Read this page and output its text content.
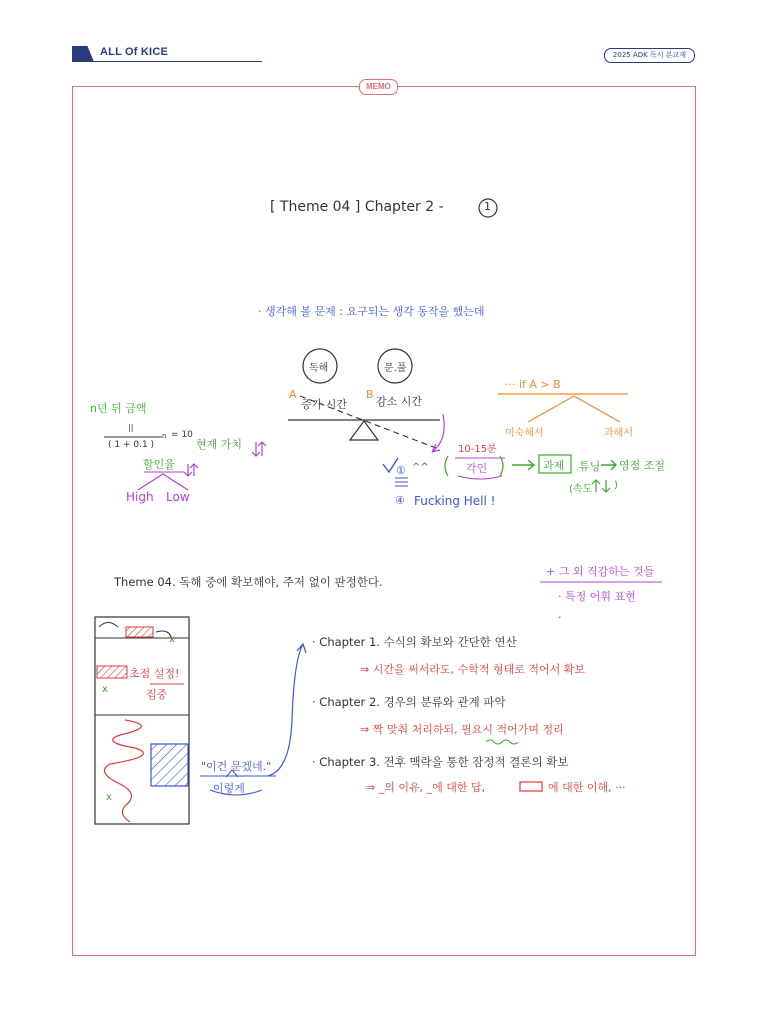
ALL Of KICE	2025 ADK 독서 본교재
MEMO
[ Theme 04 ] Chapter 2 -	1
· 생각해 볼 문제 : 요구되는 생각 동작을 했는데
n년 뒤 금액
||
( 1 + 0.1 )
n = 10
현재 가치
할인율
High Low
독해	문.풀
A
증가 시간
B
감소 시간
10-15분
각인
① ^^
④ Fucking Hell !
··· if A > B
미숙해서	과해서
과제 튜닝 영점 조절
(속도 )
Theme 04. 독해 중에 확보해야, 주저 없이 판정한다.
+ 그 외 직감하는 것들
· 특정 어휘 표현
.
초점 설정!
집중
x
x
x
"이건 문겠네."
이렇게
· Chapter 1. 수식의 확보와 간단한 연산
⇒ 시간을 써서라도, 수학적 형태로 적어서 확보
· Chapter 2. 경우의 분류와 관계 파악
⇒ 짝 맞춰 처리하되, 필요시 적어가며 정리
· Chapter 3. 전후 맥락을 통한 잠정적 결론의 확보
⇒ _의 이유, _에 대한 답,	에 대한 이해, ···
